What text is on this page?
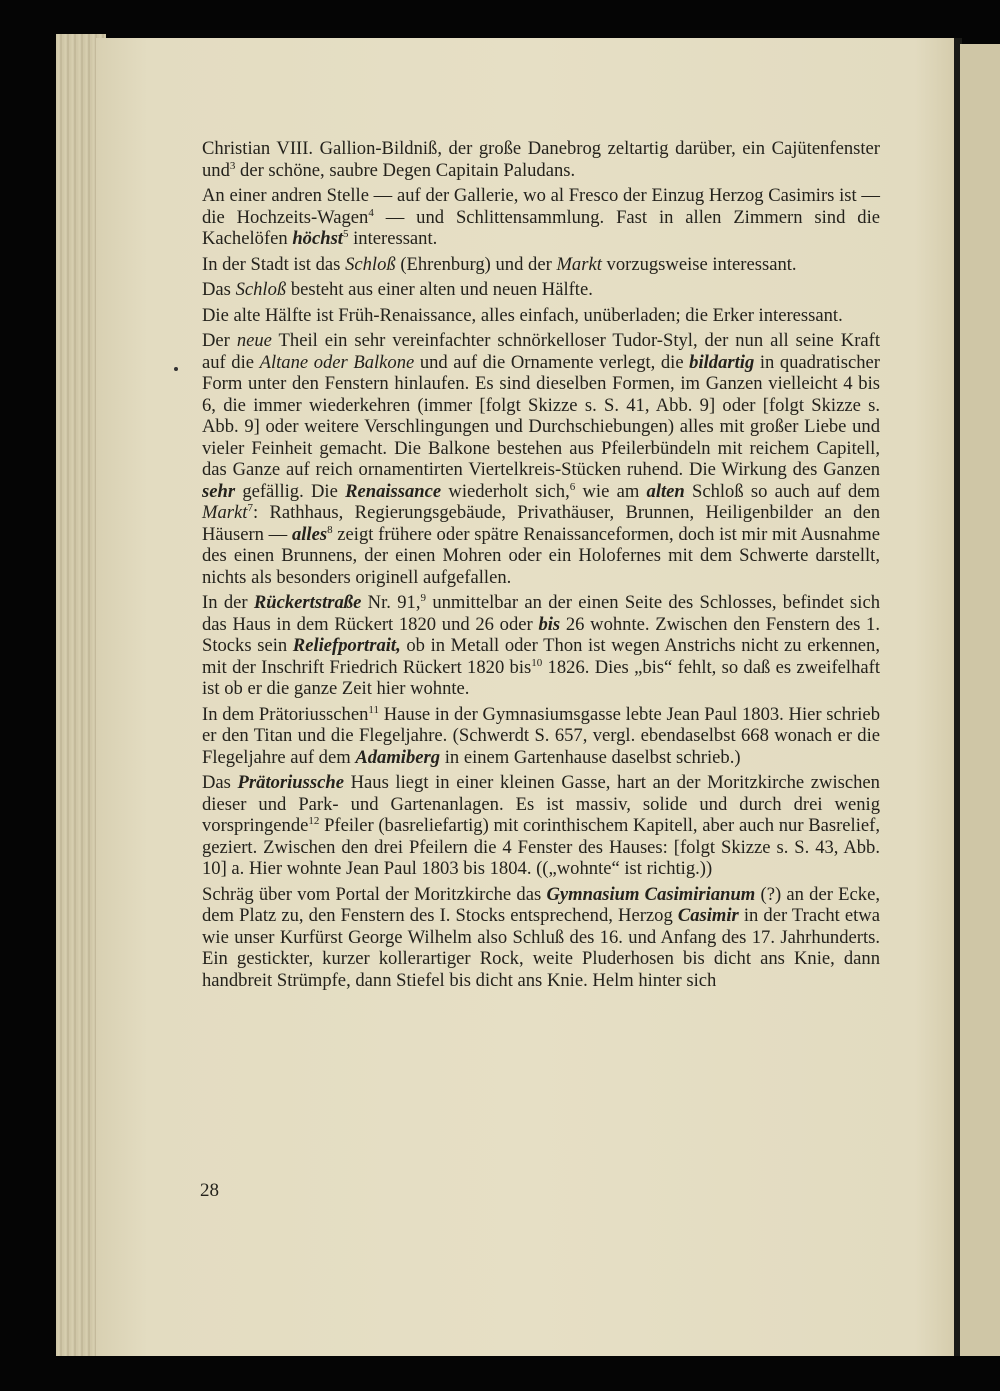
Christian VIII. Gallion-Bildniß, der große Danebrog zeltartig darüber, ein Cajütenfenster und$^3$ der schöne, saubre Degen Capitain Paludans.

An einer andren Stelle — auf der Gallerie, wo al Fresco der Einzug Herzog Casimirs ist — die Hochzeits-Wagen$^4$ — und Schlittensammlung. Fast in allen Zimmern sind die Kachelöfen höchst$^5$ interessant.

In der Stadt ist das Schloß (Ehrenburg) und der Markt vorzugsweise interessant.

Das Schloß besteht aus einer alten und neuen Hälfte.

Die alte Hälfte ist Früh-Renaissance, alles einfach, unüberladen; die Erker interessant.

Der neue Theil ein sehr vereinfachter schnörkelloser Tudor-Styl, der nun all seine Kraft auf die Altane oder Balkone und auf die Ornamente verlegt, die bildartig in quadratischer Form unter den Fenstern hinlaufen. Es sind dieselben Formen, im Ganzen vielleicht 4 bis 6, die immer wiederkehren (immer [folgt Skizze s. S. 41, Abb. 9] oder [folgt Skizze s. Abb. 9] oder weitere Verschlingungen und Durchschiebungen) alles mit großer Liebe und vieler Feinheit gemacht. Die Balkone bestehen aus Pfeilerbündeln mit reichem Capitell, das Ganze auf reich ornamentirten Viertelkreis-Stücken ruhend. Die Wirkung des Ganzen sehr gefällig. Die Renaissance wiederholt sich,$^6$ wie am alten Schloß so auch auf dem Markt$^7$: Rathhaus, Regierungsgebäude, Privathäuser, Brunnen, Heiligenbilder an den Häusern — alles$^8$ zeigt frühere oder spätre Renaissanceformen, doch ist mir mit Ausnahme des einen Brunnens, der einen Mohren oder ein Holofernes mit dem Schwerte darstellt, nichts als besonders originell aufgefallen.

In der Rückertstraße Nr. 91,$^9$ unmittelbar an der einen Seite des Schlosses, befindet sich das Haus in dem Rückert 1820 und 26 oder bis 26 wohnte. Zwischen den Fenstern des 1. Stocks sein Reliefportrait, ob in Metall oder Thon ist wegen Anstrichs nicht zu erkennen, mit der Inschrift Friedrich Rückert 1820 bis$^{10}$ 1826. Dies „bis“ fehlt, so daß es zweifelhaft ist ob er die ganze Zeit hier wohnte.

In dem Prätoriusschen$^{11}$ Hause in der Gymnasiumsgasse lebte Jean Paul 1803. Hier schrieb er den Titan und die Flegeljahre. (Schwerdt S. 657, vergl. ebendaselbst 668 wonach er die Flegeljahre auf dem Adamiberg in einem Gartenhause daselbst schrieb.)

Das Prätoriussche Haus liegt in einer kleinen Gasse, hart an der Moritzkirche zwischen dieser und Park- und Gartenanlagen. Es ist massiv, solide und durch drei wenig vorspringende$^{12}$ Pfeiler (basreliefartig) mit corinthischem Kapitell, aber auch nur Basrelief, geziert. Zwischen den drei Pfeilern die 4 Fenster des Hauses: [folgt Skizze s. S. 43, Abb. 10] a. Hier wohnte Jean Paul 1803 bis 1804. ((„wohnte“ ist richtig.))

Schräg über vom Portal der Moritzkirche das Gymnasium Casimirianum (?) an der Ecke, dem Platz zu, den Fenstern des I. Stocks entsprechend, Herzog Casimir in der Tracht etwa wie unser Kurfürst George Wilhelm also Schluß des 16. und Anfang des 17. Jahrhunderts. Ein gestickter, kurzer kollerartiger Rock, weite Pluderhosen bis dicht ans Knie, dann handbreit Strümpfe, dann Stiefel bis dicht ans Knie. Helm hinter sich

28
